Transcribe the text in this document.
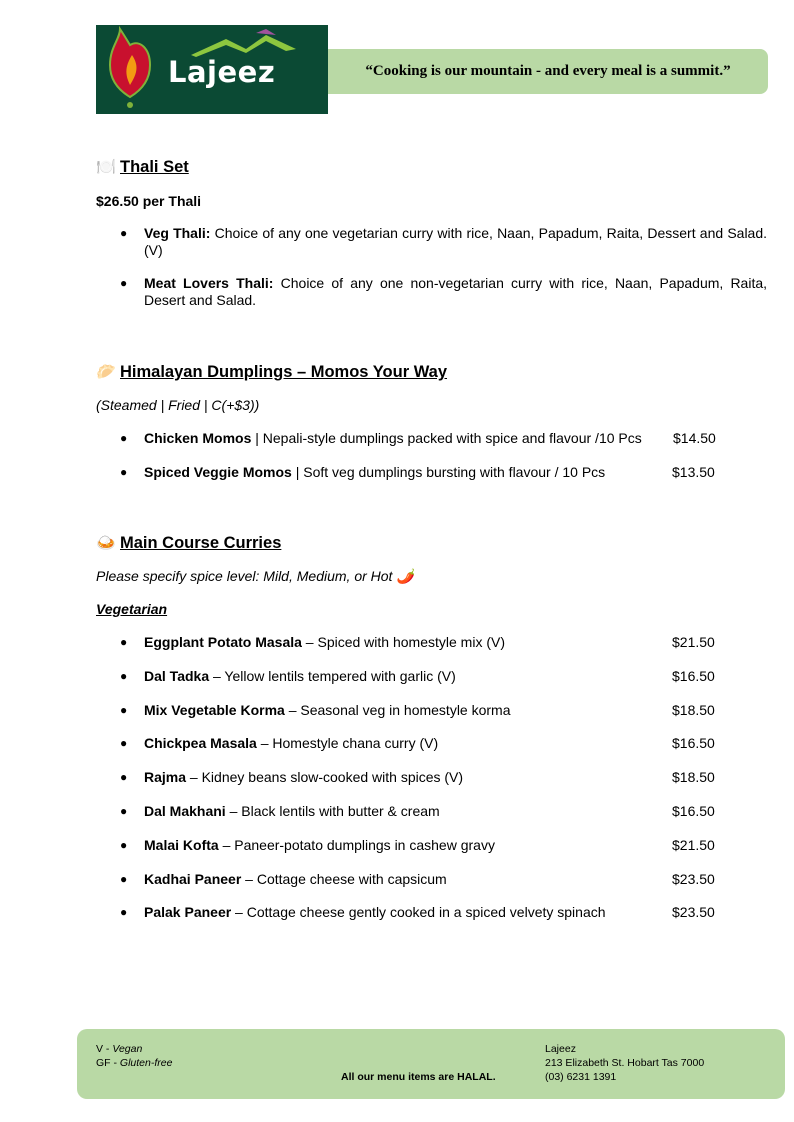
Lajeez	“Cooking is our mountain - and every meal is a summit.”
🍽️ Thali Set
$26.50 per Thali
● Veg Thali: Choice of any one vegetarian curry with rice, Naan, Papadum, Raita, Dessert and Salad. (V)
● Meat Lovers Thali: Choice of any one non-vegetarian curry with rice, Naan, Papadum, Raita, Desert and Salad.
🥟 Himalayan Dumplings – Momos Your Way
(Steamed | Fried | C(+$3))
● Chicken Momos | Nepali-style dumplings packed with spice and flavour /10 Pcs $14.50
● Spiced Veggie Momos | Soft veg dumplings bursting with flavour / 10 Pcs	$13.50
🍛 Main Course Curries
Please specify spice level: Mild, Medium, or Hot 🌶️
Vegetarian
● Eggplant Potato Masala – Spiced with homestyle mix (V)	$21.50
● Dal Tadka – Yellow lentils tempered with garlic (V)	$16.50
● Mix Vegetable Korma – Seasonal veg in homestyle korma	$18.50
● Chickpea Masala – Homestyle chana curry (V)	$16.50
● Rajma – Kidney beans slow-cooked with spices (V)	$18.50
● Dal Makhani – Black lentils with butter & cream	$16.50
● Malai Kofta – Paneer-potato dumplings in cashew gravy	$21.50
● Kadhai Paneer – Cottage cheese with capsicum	$23.50
● Palak Paneer – Cottage cheese gently cooked in a spiced velvety spinach	$23.50
V - Vegan
GF - Gluten-free
All our menu items are HALAL.
Lajeez
213 Elizabeth St. Hobart Tas 7000
(03) 6231 1391
